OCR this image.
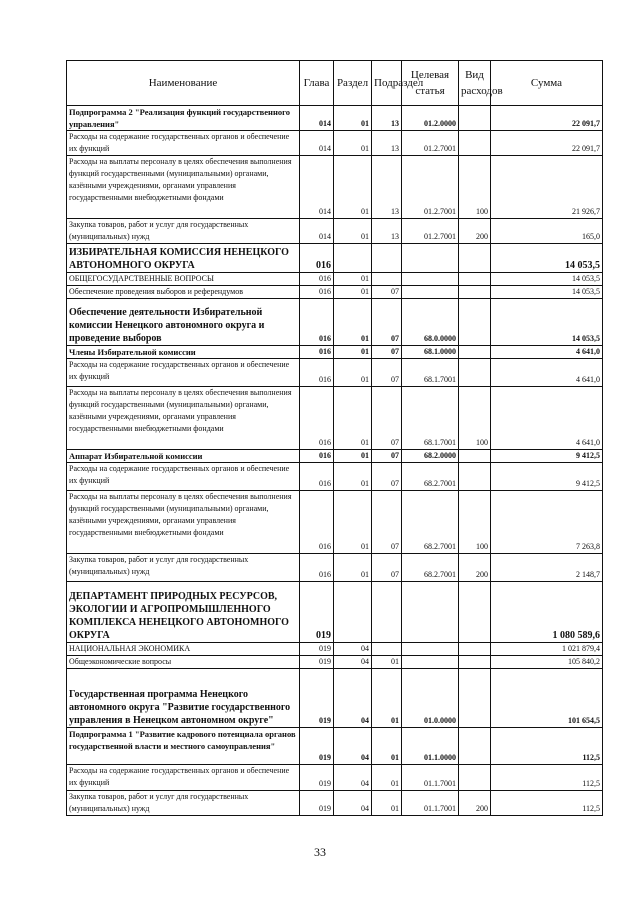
Наименование	Глава	Раздел	Подраздел	Целевая статья	Вид расходов	Сумма
Подпрограмма 2 "Реализация функций государственного управления"	014	01	13	01.2.0000		22 091,7
Расходы на содержание государственных органов и обеспечение их функций	014	01	13	01.2.7001		22 091,7
Расходы на выплаты персоналу в целях обеспечения выполнения функций государственными (муниципальными) органами, казёнными учреждениями, органами управления государственными внебюджетными фондами	014	01	13	01.2.7001	100	21 926,7
Закупка товаров, работ и услуг для государственных (муниципальных) нужд	014	01	13	01.2.7001	200	165,0
ИЗБИРАТЕЛЬНАЯ КОМИССИЯ НЕНЕЦКОГО АВТОНОМНОГО ОКРУГА	016					14 053,5
ОБЩЕГОСУДАРСТВЕННЫЕ ВОПРОСЫ	016	01				14 053,5
Обеспечение проведения выборов и референдумов	016	01	07			14 053,5
Обеспечение деятельности Избирательной комиссии Ненецкого автономного округа и проведение выборов	016	01	07	68.0.0000		14 053,5
Члены Избирательной комиссии	016	01	07	68.1.0000		4 641,0
Расходы на содержание государственных органов и обеспечение их функций	016	01	07	68.1.7001		4 641,0
Расходы на выплаты персоналу в целях обеспечения выполнения функций государственными (муниципальными) органами, казёнными учреждениями, органами управления государственными внебюджетными фондами	016	01	07	68.1.7001	100	4 641,0
Аппарат Избирательной комиссии	016	01	07	68.2.0000		9 412,5
Расходы на содержание государственных органов и обеспечение их функций	016	01	07	68.2.7001		9 412,5
Расходы на выплаты персоналу в целях обеспечения выполнения функций государственными (муниципальными) органами, казёнными учреждениями, органами управления государственными внебюджетными фондами	016	01	07	68.2.7001	100	7 263,8
Закупка товаров, работ и услуг для государственных (муниципальных) нужд	016	01	07	68.2.7001	200	2 148,7
ДЕПАРТАМЕНТ ПРИРОДНЫХ РЕСУРСОВ, ЭКОЛОГИИ И АГРОПРОМЫШЛЕННОГО КОМПЛЕКСА НЕНЕЦКОГО АВТОНОМНОГО ОКРУГА	019					1 080 589,6
НАЦИОНАЛЬНАЯ ЭКОНОМИКА	019	04				1 021 879,4
Общеэкономические вопросы	019	04	01			105 840,2
Государственная программа Ненецкого автономного округа "Развитие государственного управления в Ненецком автономном округе"	019	04	01	01.0.0000		101 654,5
Подпрограмма 1 "Развитие кадрового потенциала органов государственной власти и местного самоуправления"	019	04	01	01.1.0000		112,5
Расходы на содержание государственных органов и обеспечение их функций	019	04	01	01.1.7001		112,5
Закупка товаров, работ и услуг для государственных (муниципальных) нужд	019	04	01	01.1.7001	200	112,5
33
